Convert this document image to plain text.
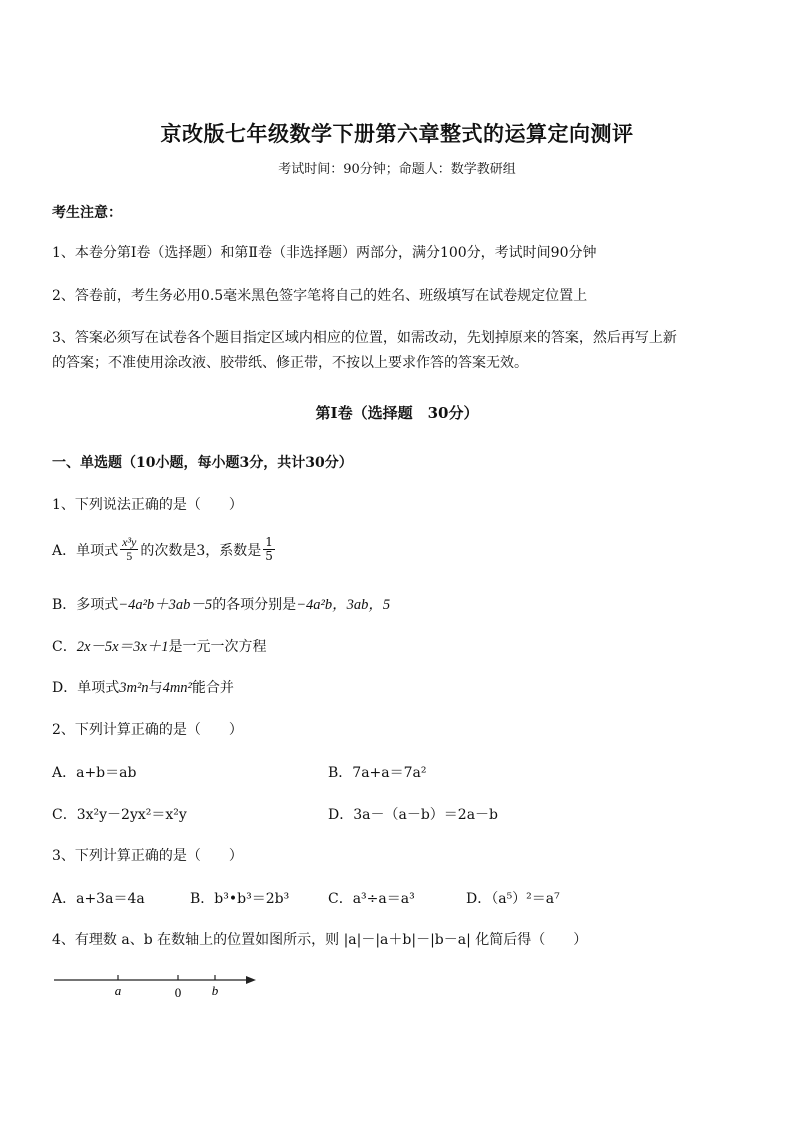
京改版七年级数学下册第六章整式的运算定向测评
考试时间：90分钟；命题人：数学教研组
考生注意：
1、本卷分第Ⅰ卷（选择题）和第Ⅱ卷（非选择题）两部分，满分100分，考试时间90分钟
2、答卷前，考生务必用0.5毫米黑色签字笔将自己的姓名、班级填写在试卷规定位置上
3、答案必须写在试卷各个题目指定区域内相应的位置，如需改动，先划掉原来的答案，然后再写上新
的答案；不准使用涂改液、胶带纸、修正带，不按以上要求作答的答案无效。
第Ⅰ卷（选择题　30分）
一、单选题（10小题，每小题3分，共计30分）
1、下列说法正确的是（　　）
A．单项式 $\frac{\text{x³y}}{5}$ 的次数是3，系数是 $\frac{1}{5}$
B．多项式−4a²b＋3ab－5的各项分别是−4a²b，3ab，5
C．2x－5x＝3x＋1是一元一次方程
D．单项式3m²n与4mn²能合并
2、下列计算正确的是（　　）
A．a+b＝ab	B．7a+a＝7a²
C．3x²y－2yx²＝x²y	D．3a－（a－b）＝2a－b
3、下列计算正确的是（　　）
A．a+3a＝4a	B．b³•b³＝2b³	C．a³÷a＝a³	D．（a⁵）²＝a⁷
4、有理数 a、b 在数轴上的位置如图所示，则 |a|－|a＋b|－|b－a| 化简后得（　　）
a	0 b
